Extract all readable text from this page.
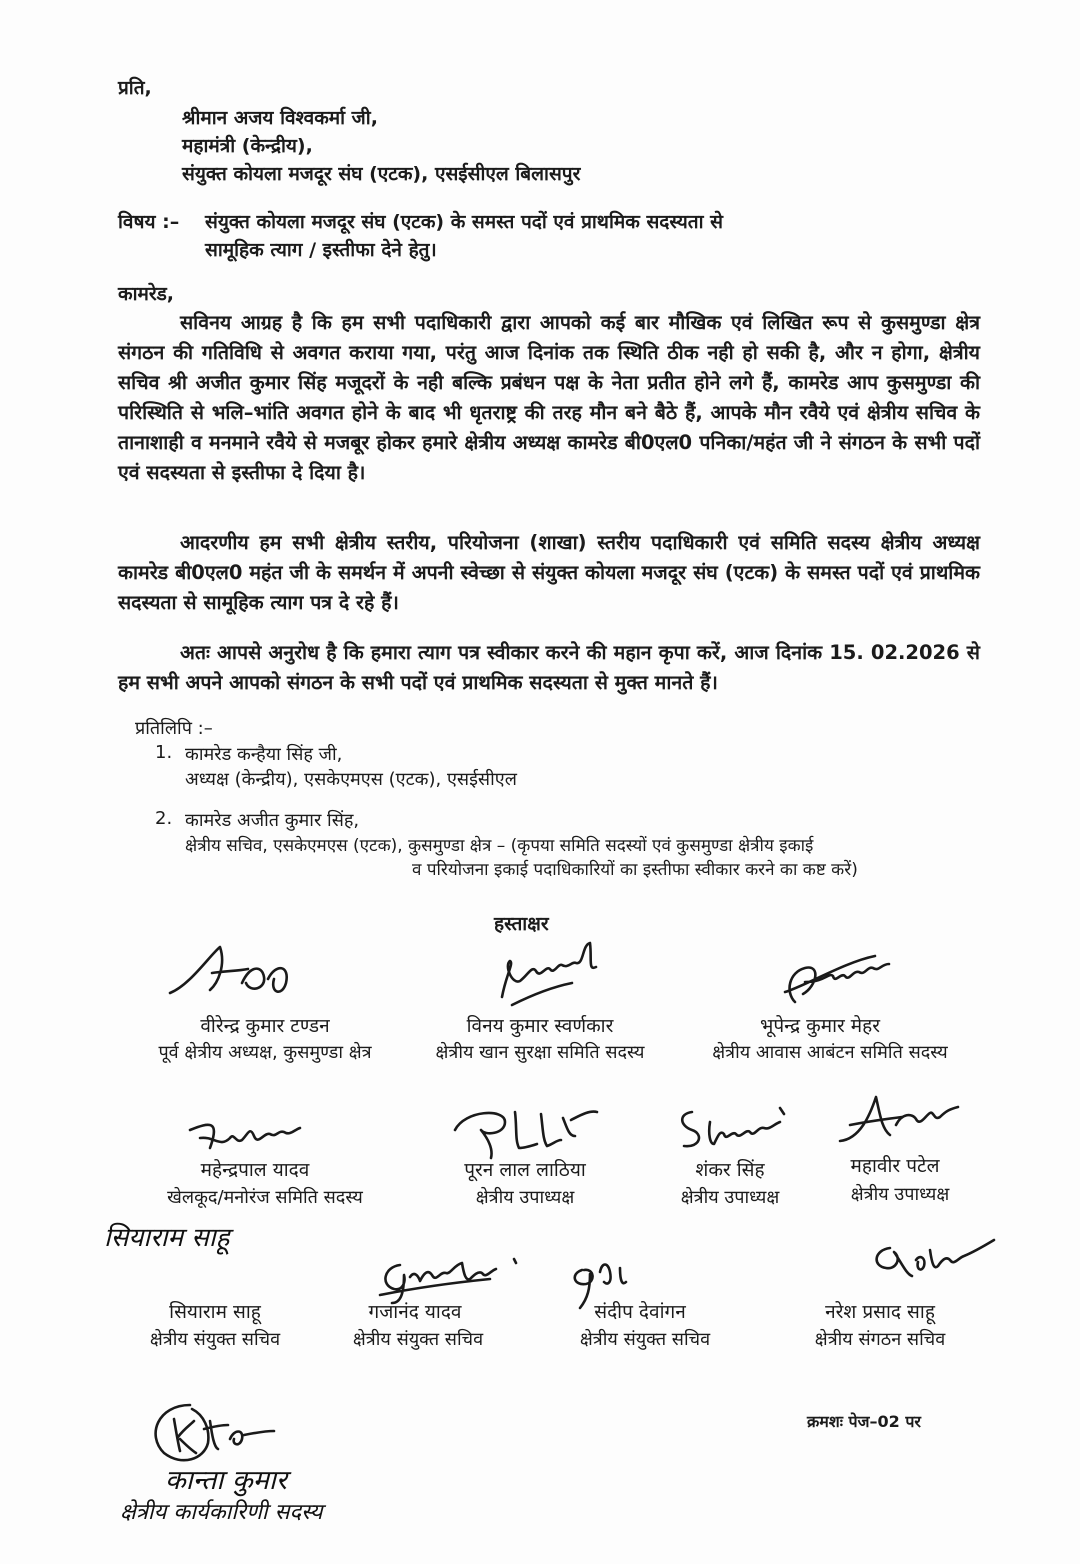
प्रति,
श्रीमान अजय विश्वकर्मा जी,
महामंत्री (केन्द्रीय),
संयुक्त कोयला मजदूर संघ (एटक), एसईसीएल बिलासपुर
विषय :– संयुक्त कोयला मजदूर संघ (एटक) के समस्त पदों एवं प्राथमिक सदस्यता से
सामूहिक त्याग / इस्तीफा देने हेतु।
कामरेड,
सविनय आग्रह है कि हम सभी पदाधिकारी द्वारा आपको कई बार मौखिक एवं लिखित रूप से कुसमुण्डा क्षेत्र संगठन की गतिविधि से अवगत कराया गया, परंतु आज दिनांक तक स्थिति ठीक नही हो सकी है, और न होगा, क्षेत्रीय सचिव श्री अजीत कुमार सिंह मजूदरों के नही बल्कि प्रबंधन पक्ष के नेता प्रतीत होने लगे हैं, कामरेड आप कुसमुण्डा की परिस्थिति से भलि–भांति अवगत होने के बाद भी धृतराष्ट्र की तरह मौन बने बैठे हैं, आपके मौन रवैये एवं क्षेत्रीय सचिव के तानाशाही व मनमाने रवैये से मजबूर होकर हमारे क्षेत्रीय अध्यक्ष कामरेड बी0एल0 पनिका/महंत जी ने संगठन के सभी पदों एवं सदस्यता से इस्तीफा दे दिया है।
आदरणीय हम सभी क्षेत्रीय स्तरीय, परियोजना (शाखा) स्तरीय पदाधिकारी एवं समिति सदस्य क्षेत्रीय अध्यक्ष कामरेड बी0एल0 महंत जी के समर्थन में अपनी स्वेच्छा से संयुक्त कोयला मजदूर संघ (एटक) के समस्त पदों एवं प्राथमिक सदस्यता से सामूहिक त्याग पत्र दे रहे हैं।
अतः आपसे अनुरोध है कि हमारा त्याग पत्र स्वीकार करने की महान कृपा करें, आज दिनांक 15. 02.2026 से हम सभी अपने आपको संगठन के सभी पदों एवं प्राथमिक सदस्यता से मुक्त मानते हैं।
प्रतिलिपि :–
1. कामरेड कन्हैया सिंह जी,
अध्यक्ष (केन्द्रीय), एसकेएमएस (एटक), एसईसीएल
2. कामरेड अजीत कुमार सिंह,
क्षेत्रीय सचिव, एसकेएमएस (एटक), कुसमुण्डा क्षेत्र – (कृपया समिति सदस्यों एवं कुसमुण्डा क्षेत्रीय इकाई
व परियोजना इकाई पदाधिकारियों का इस्तीफा स्वीकार करने का कष्ट करें)
हस्ताक्षर
वीरेन्द्र कुमार टण्डन
पूर्व क्षेत्रीय अध्यक्ष, कुसमुण्डा क्षेत्र
विनय कुमार स्वर्णकार
क्षेत्रीय खान सुरक्षा समिति सदस्य
भूपेन्द्र कुमार मेहर
क्षेत्रीय आवास आबंटन समिति सदस्य
महेन्द्रपाल यादव
खेलकूद/मनोरंज समिति सदस्य
पूरन लाल लाठिया
क्षेत्रीय उपाध्यक्ष
शंकर सिंह
क्षेत्रीय उपाध्यक्ष
महावीर पटेल
क्षेत्रीय उपाध्यक्ष
सियाराम साहू
सियाराम साहू
क्षेत्रीय संयुक्त सचिव
गजानंद यादव
क्षेत्रीय संयुक्त सचिव
संदीप देवांगन
क्षेत्रीय संयुक्त सचिव
नरेश प्रसाद साहू
क्षेत्रीय संगठन सचिव
कान्ता कुमार
क्षेत्रीय कार्यकारिणी सदस्य
क्रमशः पेज–02 पर
